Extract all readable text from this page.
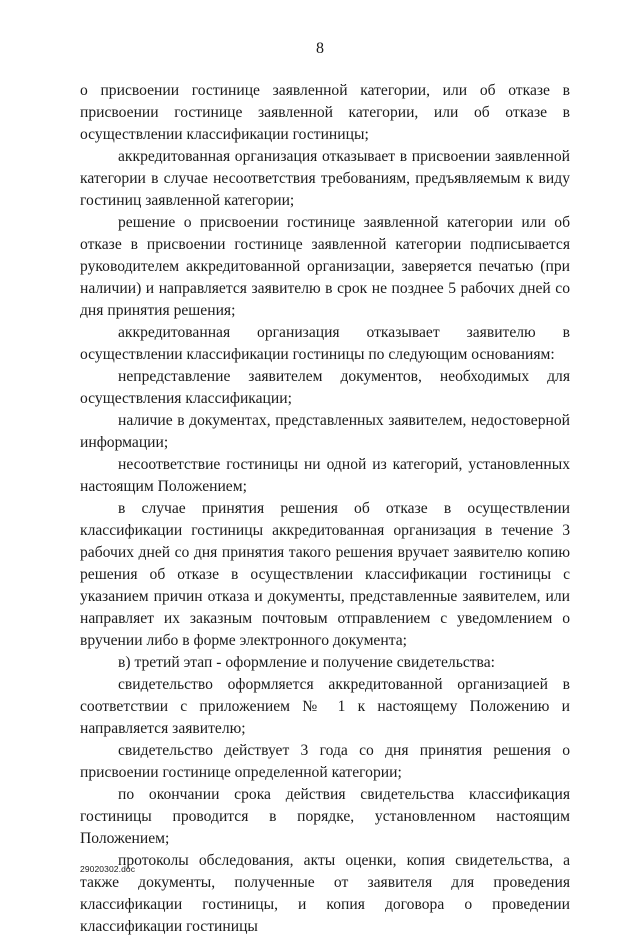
8

о присвоении гостинице заявленной категории, или об отказе в присвоении гостинице заявленной категории, или об отказе в осуществлении классификации гостиницы;

аккредитованная организация отказывает в присвоении заявленной категории в случае несоответствия требованиям, предъявляемым к виду гостиниц заявленной категории;

решение о присвоении гостинице заявленной категории или об отказе в присвоении гостинице заявленной категории подписывается руководителем аккредитованной организации, заверяется печатью (при наличии) и направляется заявителю в срок не позднее 5 рабочих дней со дня принятия решения;

аккредитованная организация отказывает заявителю в осуществлении классификации гостиницы по следующим основаниям:

непредставление заявителем документов, необходимых для осуществления классификации;

наличие в документах, представленных заявителем, недостоверной информации;

несоответствие гостиницы ни одной из категорий, установленных настоящим Положением;

в случае принятия решения об отказе в осуществлении классификации гостиницы аккредитованная организация в течение 3 рабочих дней со дня принятия такого решения вручает заявителю копию решения об отказе в осуществлении классификации гостиницы с указанием причин отказа и документы, представленные заявителем, или направляет их заказным почтовым отправлением с уведомлением о вручении либо в форме электронного документа;

в) третий этап - оформление и получение свидетельства:

свидетельство оформляется аккредитованной организацией в соответствии с приложением № 1 к настоящему Положению и направляется заявителю;

свидетельство действует 3 года со дня принятия решения о присвоении гостинице определенной категории;

по окончании срока действия свидетельства классификация гостиницы проводится в порядке, установленном настоящим Положением;

протоколы обследования, акты оценки, копия свидетельства, а также документы, полученные от заявителя для проведения классификации гостиницы, и копия договора о проведении классификации гостиницы

29020302.doc
